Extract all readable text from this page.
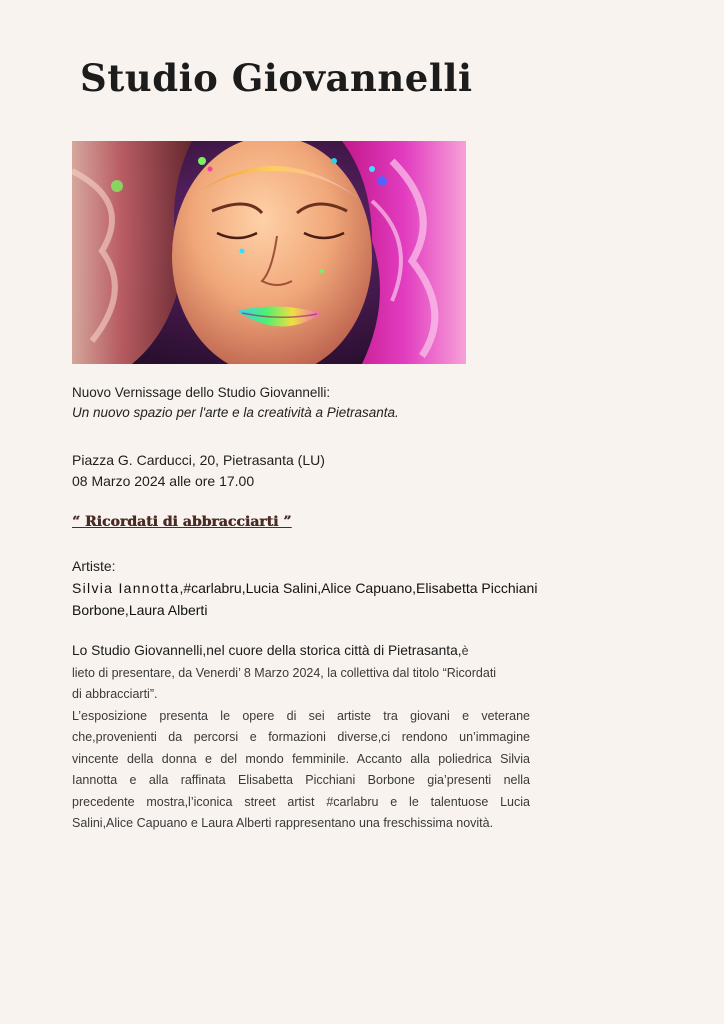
Studio Giovannelli
Nuovo Vernissage dello Studio Giovannelli:
Un nuovo spazio per l'arte e la creatività a Pietrasanta.
Piazza G. Carducci, 20, Pietrasanta (LU)
08 Marzo 2024 alle ore 17.00
“ Ricordati di abbracciarti ”
Artiste:
Silvia Iannotta,#carlabru,Lucia Salini,Alice Capuano,Elisabetta Picchiani
Borbone,Laura Alberti
Lo Studio Giovannelli,nel cuore della storica città di Pietrasanta,è
lieto di presentare, da Venerdi’ 8 Marzo 2024, la collettiva dal titolo “Ricordati
di abbracciarti”.
L’esposizione presenta le opere di sei artiste tra giovani e veterane
che,provenienti da percorsi e formazioni diverse,ci rendono un’immagine
vincente della donna e del mondo femminile. Accanto alla poliedrica Silvia
Iannotta e alla raffinata Elisabetta Picchiani Borbone gia’presenti nella
precedente mostra,l’iconica street artist #carlabru e le talentuose Lucia
Salini,Alice Capuano e Laura Alberti rappresentano una freschissima novità.
